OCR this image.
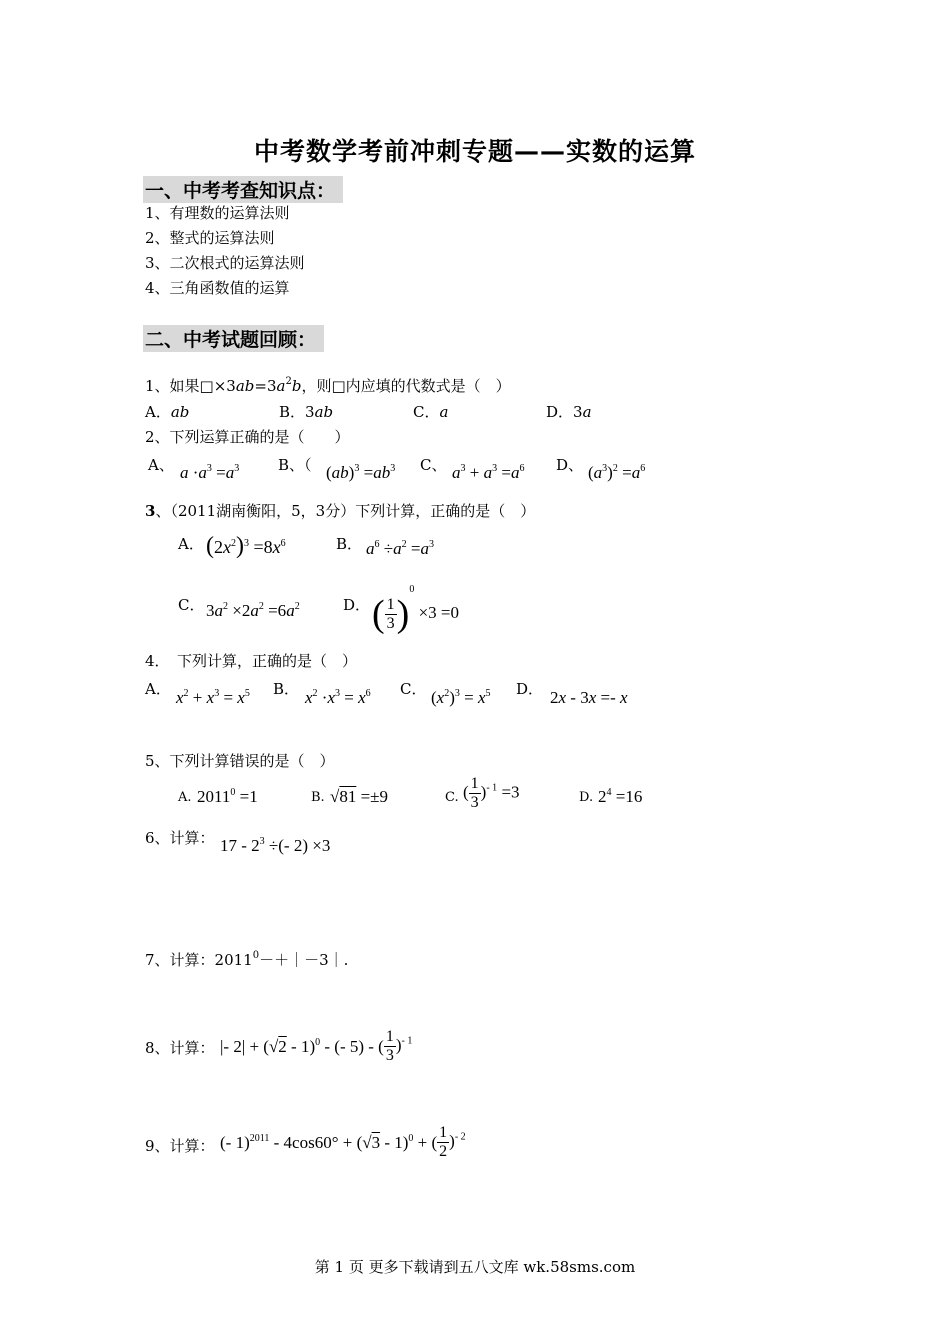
中考数学考前冲刺专题——实数的运算
一、中考考查知识点：
1、有理数的运算法则
2、整式的运算法则
3、二次根式的运算法则
4、三角函数值的运算
二、中考试题回顾：
1、如果$□\times 3ab=3a^2b$，则□内应填的代数式是（　）
A．ab	B．3ab	C．a	D．3a
2、下列运算正确的是（　　）
A、 $a \cdot a^3 =a^3$	B、（ $(ab)^3 =ab^3$ C、 $a^3 + a^3 =a^6$ D、 $(a^3)^2 =a^6$
3、（2011湖南衡阳，5，3分）下列计算，正确的是（　）
A． $(2x^2)^3 =8x^6$	B． $a^6 \div a^2 =a^3$
C． $3a^2 \times 2a^2 =6a^2$	D． ( $\frac{1}{3} )^0 \times 3 =0$
4．　下列计算，正确的是（　）
A． $x^2 + x^3 = x^5$ B． $x^2 \cdot x^3 = x^6$ C． $(x^2)^3 = x^5$ D． 2x - 3x =- x
5、下列计算错误的是（　）
A. $2011^0 =1$	B. √81 =±9	C. ( $\frac{1}{3} )^{- 1} =3$	D. $2^4 =16$
6、计算： $17 - 2^3$ ÷(- 2) ×3
7、计算：$2011^0-+|-3|$.
8、计算： |- 2| + (√2 - 1)$^0$ - (- 5) - ( $\frac{1}{3} )^{- 1}$
9、计算： (- 1)$^{2011}$ - 4cos60° + (√3 - 1)$^0$ + ( $\frac{1}{2} )^{- 2}$
第 1 页 更多下载请到五八文库 wk.58sms.com
